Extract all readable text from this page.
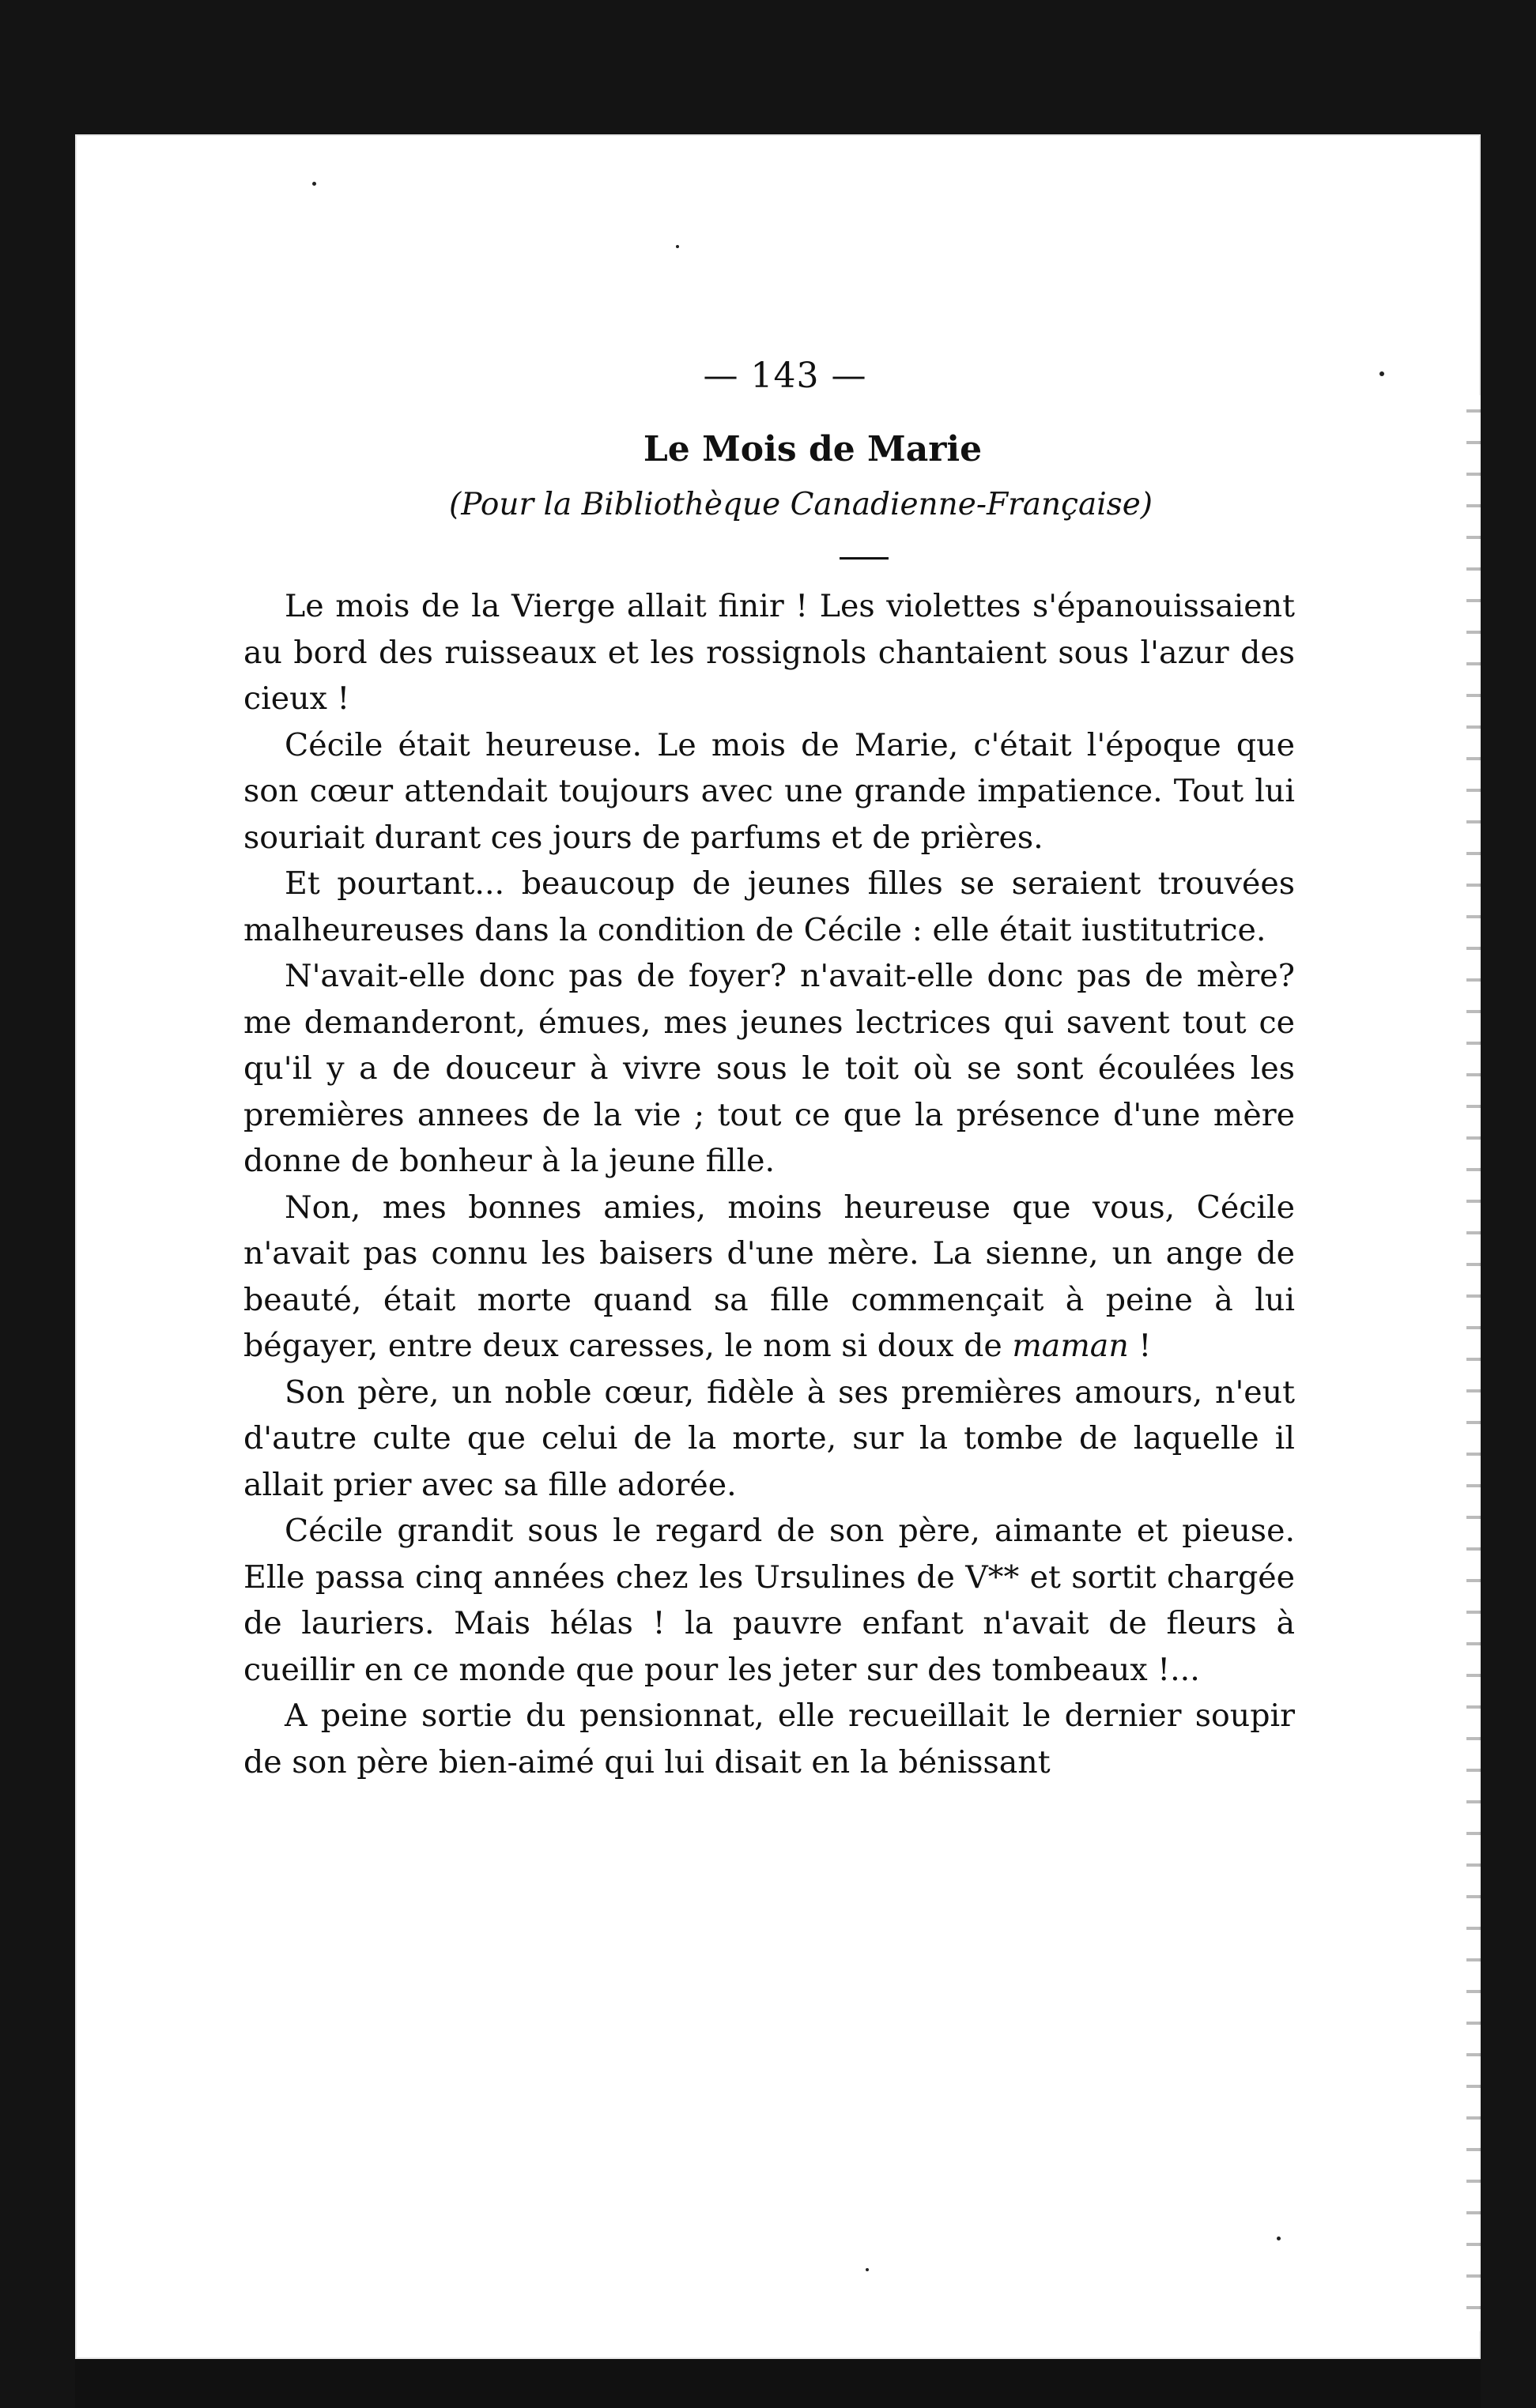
— 143 —
Le Mois de Marie
(Pour la Bibliothèque Canadienne-Française)

Le mois de la Vierge allait finir ! Les violettes s'épanouissaient au bord des ruisseaux et les rossignols chantaient sous l'azur des cieux !

Cécile était heureuse. Le mois de Marie, c'était l'époque que son cœur attendait toujours avec une grande impatience. Tout lui souriait durant ces jours de parfums et de prières.

Et pourtant... beaucoup de jeunes filles se seraient trouvées malheureuses dans la condition de Cécile : elle était iustitutrice.

N'avait-elle donc pas de foyer? n'avait-elle donc pas de mère? me demanderont, émues, mes jeunes lectrices qui savent tout ce qu'il y a de douceur à vivre sous le toit où se sont écoulées les premières annees de la vie ; tout ce que la présence d'une mère donne de bonheur à la jeune fille.

Non, mes bonnes amies, moins heureuse que vous, Cécile n'avait pas connu les baisers d'une mère. La sienne, un ange de beauté, était morte quand sa fille commençait à peine à lui bégayer, entre deux caresses, le nom si doux de maman !

Son père, un noble cœur, fidèle à ses premières amours, n'eut d'autre culte que celui de la morte, sur la tombe de laquelle il allait prier avec sa fille adorée.

Cécile grandit sous le regard de son père, aimante et pieuse. Elle passa cinq années chez les Ursulines de V** et sortit chargée de lauriers. Mais hélas ! la pauvre enfant n'avait de fleurs à cueillir en ce monde que pour les jeter sur des tombeaux !...

A peine sortie du pensionnat, elle recueillait le dernier soupir de son père bien-aimé qui lui disait en la bénissant
